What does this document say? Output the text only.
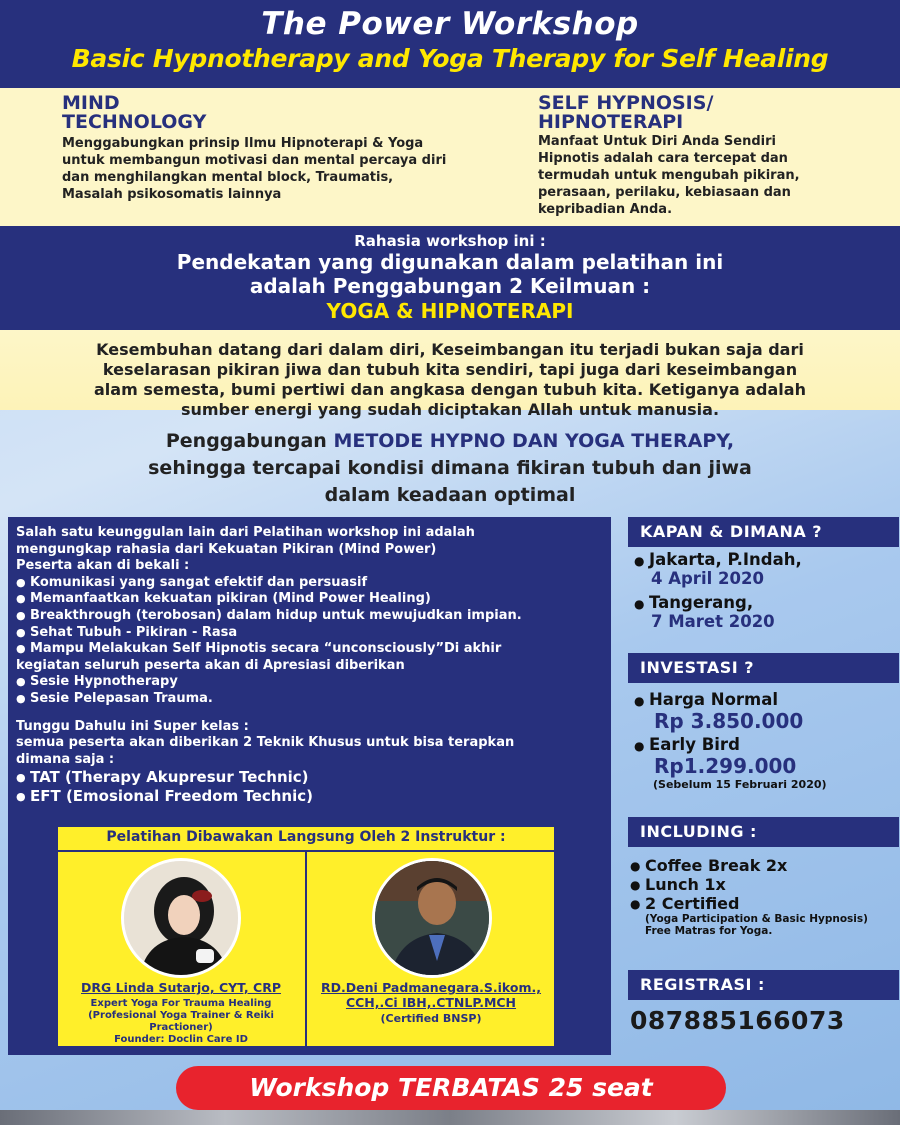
The Power Workshop
Basic Hypnotherapy and Yoga Therapy for Self Healing
MIND
TECHNOLOGY
Menggabungkan prinsip Ilmu Hipnoterapi & Yoga
untuk membangun motivasi dan mental percaya diri
dan menghilangkan mental block, Traumatis,
Masalah psikosomatis lainnya
SELF HYPNOSIS/
HIPNOTERAPI
Manfaat Untuk Diri Anda Sendiri
Hipnotis adalah cara tercepat dan
termudah untuk mengubah pikiran,
perasaan, perilaku, kebiasaan dan
kepribadian Anda.
Rahasia workshop ini :
Pendekatan yang digunakan dalam pelatihan ini
adalah Penggabungan 2 Keilmuan :
YOGA & HIPNOTERAPI
Kesembuhan datang dari dalam diri, Keseimbangan itu terjadi bukan saja dari
keselarasan pikiran jiwa dan tubuh kita sendiri, tapi juga dari keseimbangan
alam semesta, bumi pertiwi dan angkasa dengan tubuh kita. Ketiganya adalah
sumber energi yang sudah diciptakan Allah untuk manusia.
Penggabungan METODE HYPNO DAN YOGA THERAPY,
sehingga tercapai kondisi dimana fikiran tubuh dan jiwa
dalam keadaan optimal
Salah satu keunggulan lain dari Pelatihan workshop ini adalah
mengungkap rahasia dari Kekuatan Pikiran (Mind Power)
Peserta akan di bekali :
● Komunikasi yang sangat efektif dan persuasif
● Memanfaatkan kekuatan pikiran (Mind Power Healing)
● Breakthrough (terobosan) dalam hidup untuk mewujudkan impian.
● Sehat Tubuh - Pikiran - Rasa
● Mampu Melakukan Self Hipnotis secara “unconsciously”Di akhir
kegiatan seluruh peserta akan di Apresiasi diberikan
● Sesie Hypnotherapy
● Sesie Pelepasan Trauma.
Tunggu Dahulu ini Super kelas :
semua peserta akan diberikan 2 Teknik Khusus untuk bisa terapkan
dimana saja :
● TAT (Therapy Akupresur Technic)
● EFT (Emosional Freedom Technic)
Pelatihan Dibawakan Langsung Oleh 2 Instruktur :
DRG Linda Sutarjo, CYT, CRP
Expert Yoga For Trauma Healing
(Profesional Yoga Trainer & Reiki Practioner)
Founder: Doclin Care ID
RD.Deni Padmanegara.S.ikom.,
CCH,.Ci IBH,.CTNLP.MCH
(Certified BNSP)
KAPAN & DIMANA ?
● Jakarta, P.Indah,
4 April 2020
● Tangerang,
7 Maret 2020
INVESTASI ?
● Harga Normal
Rp 3.850.000
● Early Bird
Rp1.299.000
(Sebelum 15 Februari 2020)
INCLUDING :
● Coffee Break 2x
● Lunch 1x
● 2 Certified
(Yoga Participation & Basic Hypnosis)
Free Matras for Yoga.
REGISTRASI :
087885166073
Workshop TERBATAS 25 seat
